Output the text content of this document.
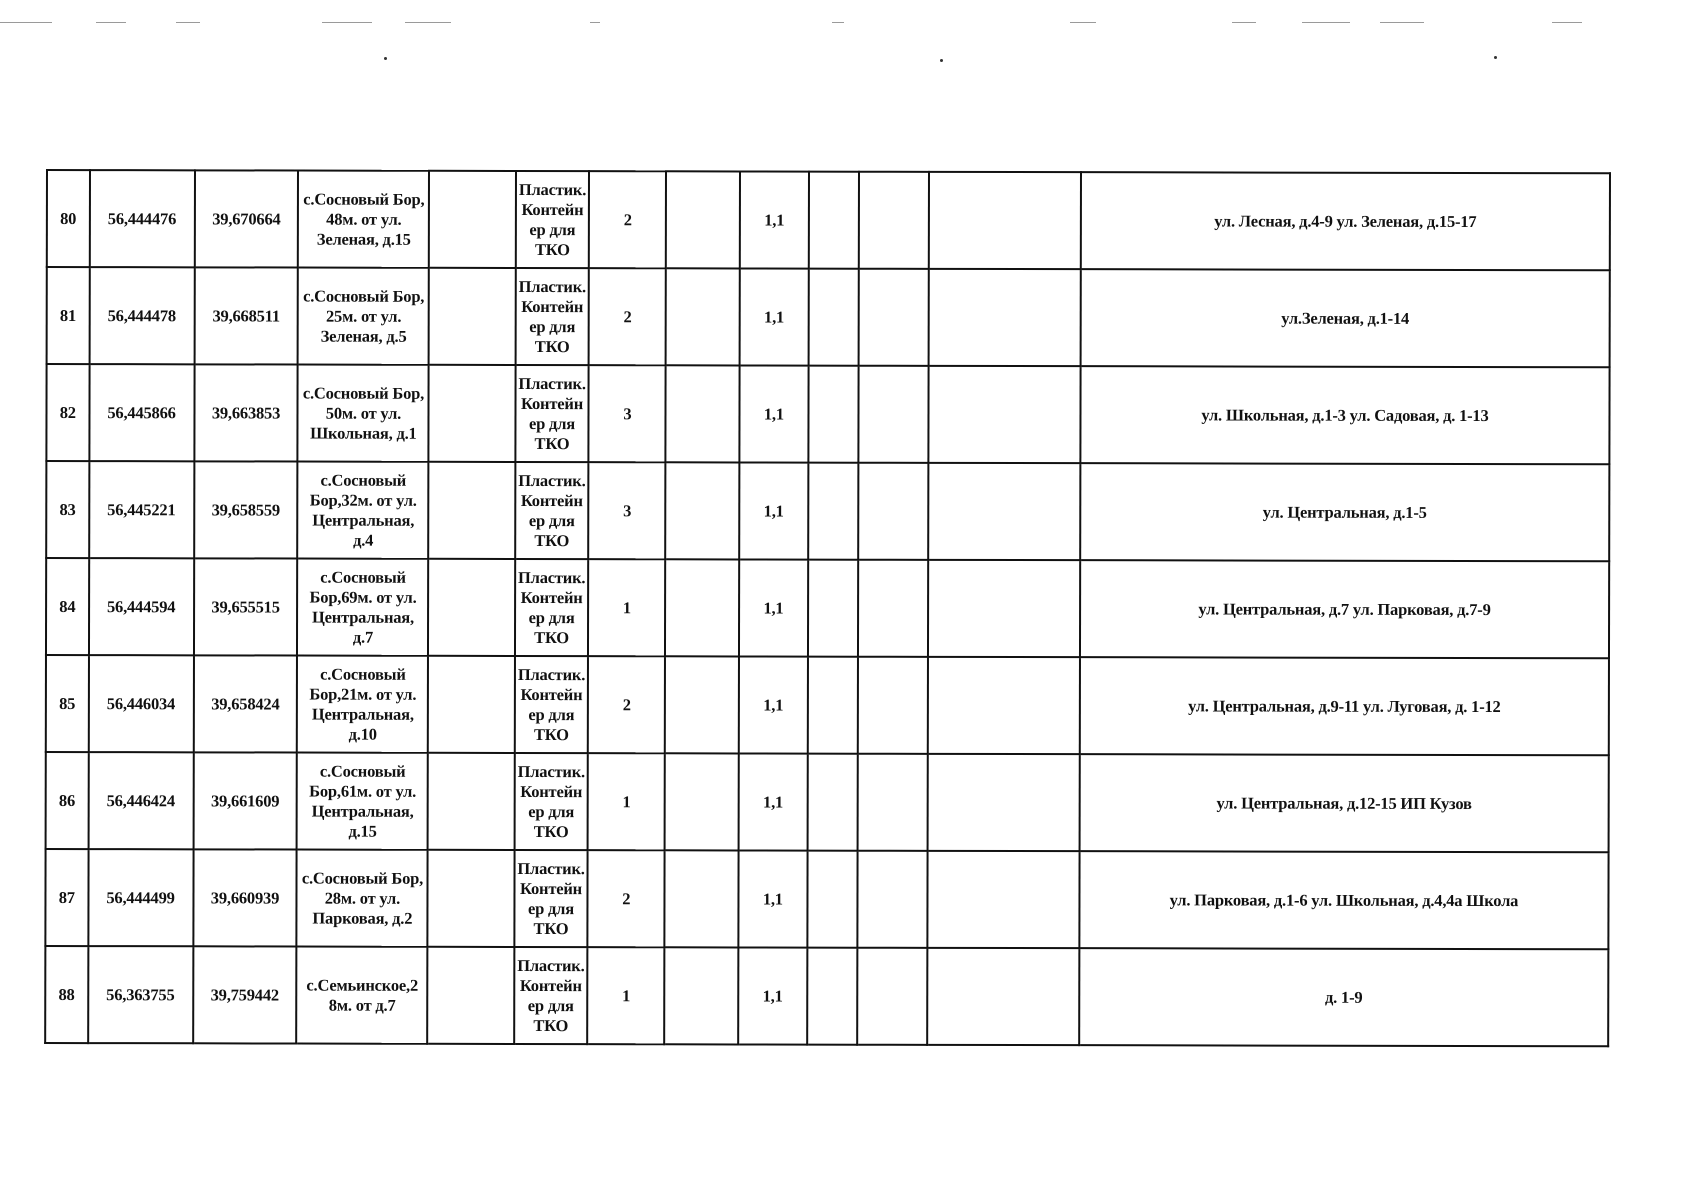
80	56,444476	39,670664	с.Сосновый Бор, 48м. от ул. Зеленая, д.15		Пластик. Контейн ер для ТКО	2		1,1				ул. Лесная, д.4-9 ул. Зеленая, д.15-17
81	56,444478	39,668511	с.Сосновый Бор, 25м. от ул. Зеленая, д.5		Пластик. Контейн ер для ТКО	2		1,1				ул.Зеленая, д.1-14
82	56,445866	39,663853	с.Сосновый Бор, 50м. от ул. Школьная, д.1		Пластик. Контейн ер для ТКО	3		1,1				ул. Школьная, д.1-3 ул. Садовая, д. 1-13
83	56,445221	39,658559	с.Сосновый Бор,32м. от ул. Центральная, д.4		Пластик. Контейн ер для ТКО	3		1,1				ул. Центральная, д.1-5
84	56,444594	39,655515	с.Сосновый Бор,69м. от ул. Центральная, д.7		Пластик. Контейн ер для ТКО	1		1,1				ул. Центральная, д.7 ул. Парковая, д.7-9
85	56,446034	39,658424	с.Сосновый Бор,21м. от ул. Центральная, д.10		Пластик. Контейн ер для ТКО	2		1,1				ул. Центральная, д.9-11 ул. Луговая, д. 1-12
86	56,446424	39,661609	с.Сосновый Бор,61м. от ул. Центральная, д.15		Пластик. Контейн ер для ТКО	1		1,1				ул. Центральная, д.12-15 ИП Кузов
87	56,444499	39,660939	с.Сосновый Бор, 28м. от ул. Парковая, д.2		Пластик. Контейн ер для ТКО	2		1,1				ул. Парковая, д.1-6 ул. Школьная, д.4,4а Школа
88	56,363755	39,759442	с.Семьинское,2 8м. от д.7		Пластик. Контейн ер для ТКО	1		1,1				д. 1-9
